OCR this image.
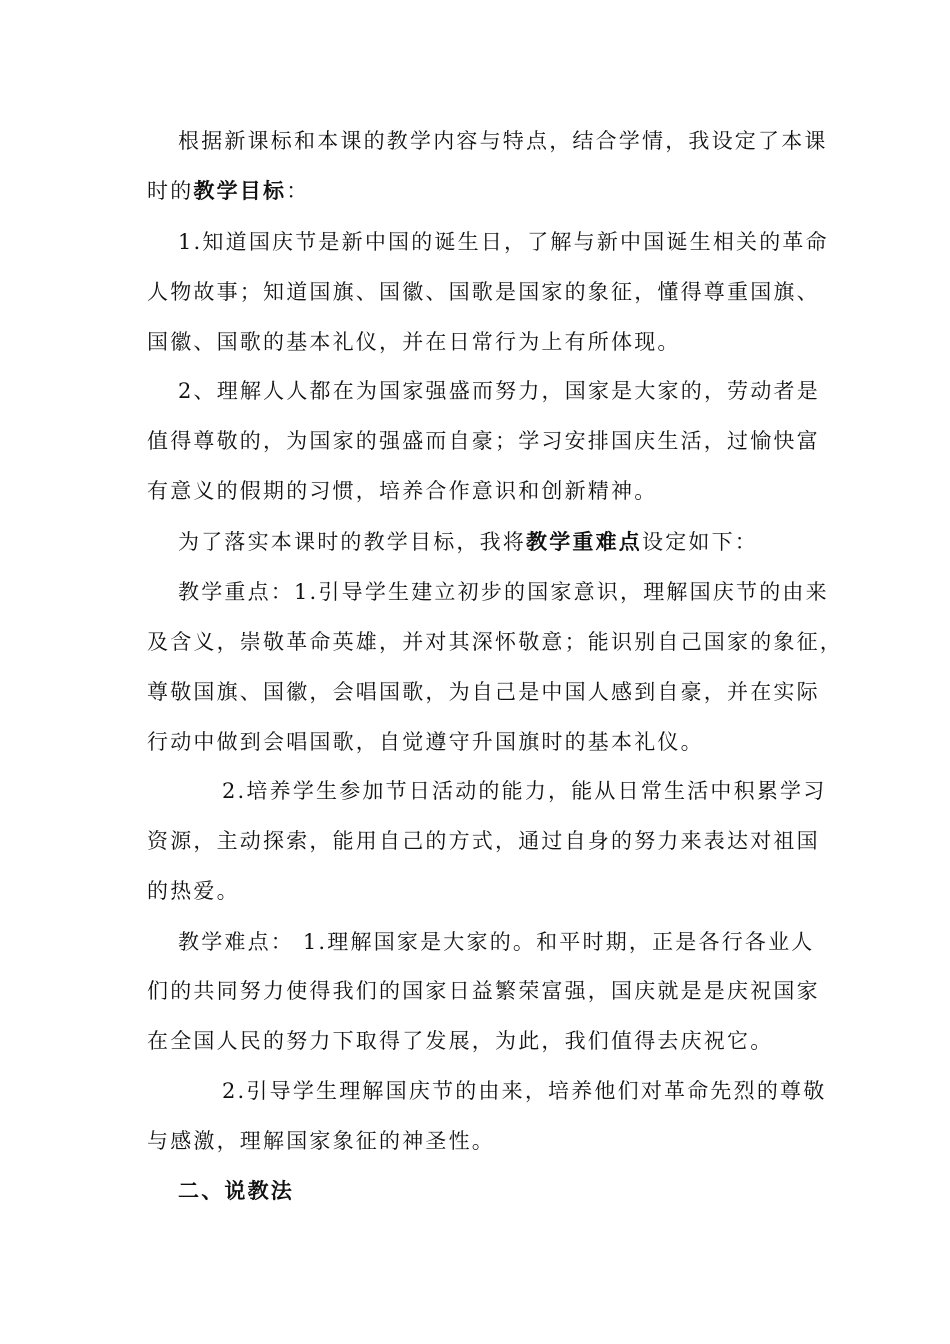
根据新课标和本课的教学内容与特点，结合学情，我设定了本课
时的教学目标：
1.知道国庆节是新中国的诞生日，了解与新中国诞生相关的革命
人物故事；知道国旗、国徽、国歌是国家的象征，懂得尊重国旗、
国徽、国歌的基本礼仪，并在日常行为上有所体现。
2、理解人人都在为国家强盛而努力，国家是大家的，劳动者是
值得尊敬的，为国家的强盛而自豪；学习安排国庆生活，过愉快富
有意义的假期的习惯，培养合作意识和创新精神。
为了落实本课时的教学目标，我将教学重难点设定如下：
教学重点：1.引导学生建立初步的国家意识，理解国庆节的由来
及含义，崇敬革命英雄，并对其深怀敬意；能识别自己国家的象征，
尊敬国旗、国徽，会唱国歌，为自己是中国人感到自豪，并在实际
行动中做到会唱国歌，自觉遵守升国旗时的基本礼仪。
2.培养学生参加节日活动的能力，能从日常生活中积累学习
资源，主动探索，能用自己的方式，通过自身的努力来表达对祖国
的热爱。
教学难点： 1.理解国家是大家的。和平时期，正是各行各业人
们的共同努力使得我们的国家日益繁荣富强，国庆就是是庆祝国家
在全国人民的努力下取得了发展，为此，我们值得去庆祝它。
2.引导学生理解国庆节的由来，培养他们对革命先烈的尊敬
与感激，理解国家象征的神圣性。
二、说教法
